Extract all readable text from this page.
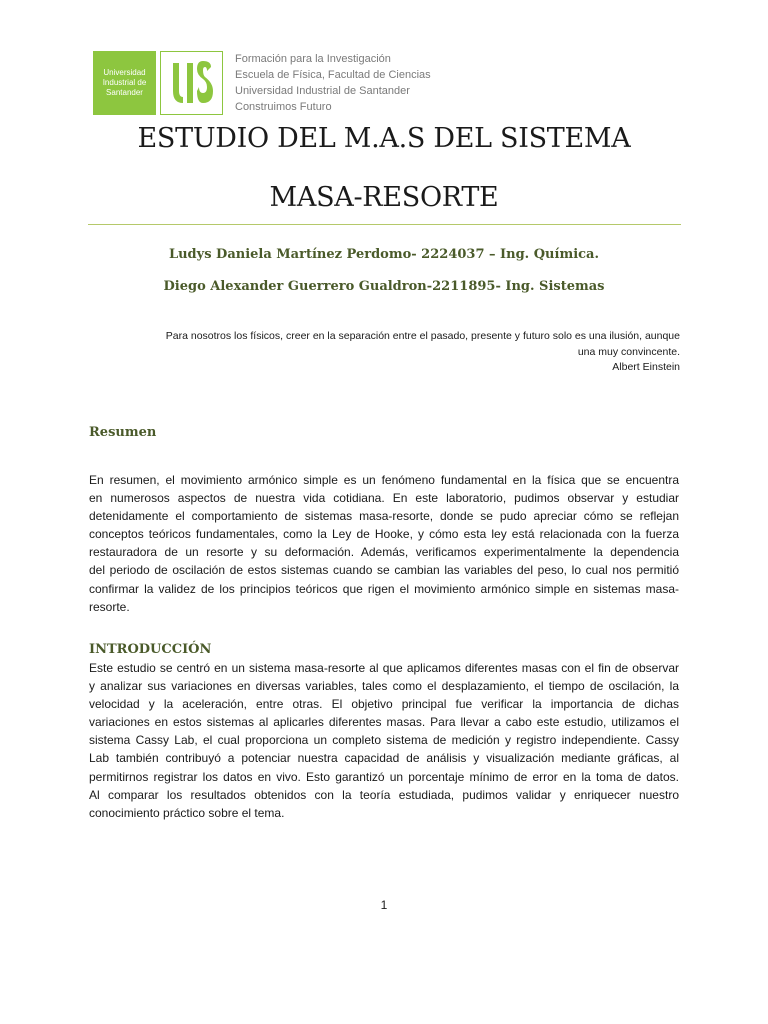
Universidad
Industrial de
Santander
Formación para la Investigación
Escuela de Física, Facultad de Ciencias
Universidad Industrial de Santander
Construimos Futuro
ESTUDIO DEL M.A.S DEL SISTEMA
MASA-RESORTE
Ludys Daniela Martínez Perdomo- 2224037 – Ing. Química.
Diego Alexander Guerrero Gualdron-2211895- Ing. Sistemas
Para nosotros los físicos, creer en la separación entre el pasado, presente y futuro solo es una ilusión, aunque
una muy convincente.
Albert Einstein
Resumen
En resumen, el movimiento armónico simple es un fenómeno fundamental en la física que se encuentra
en numerosos aspectos de nuestra vida cotidiana. En este laboratorio, pudimos observar y estudiar
detenidamente el comportamiento de sistemas masa-resorte, donde se pudo apreciar cómo se reflejan
conceptos teóricos fundamentales, como la Ley de Hooke, y cómo esta ley está relacionada con la fuerza
restauradora de un resorte y su deformación. Además, verificamos experimentalmente la dependencia
del periodo de oscilación de estos sistemas cuando se cambian las variables del peso, lo cual nos permitió
confirmar la validez de los principios teóricos que rigen el movimiento armónico simple en sistemas masa-
resorte.
INTRODUCCIÓN
Este estudio se centró en un sistema masa-resorte al que aplicamos diferentes masas con el fin de observar
y analizar sus variaciones en diversas variables, tales como el desplazamiento, el tiempo de oscilación, la
velocidad y la aceleración, entre otras. El objetivo principal fue verificar la importancia de dichas
variaciones en estos sistemas al aplicarles diferentes masas. Para llevar a cabo este estudio, utilizamos el
sistema Cassy Lab, el cual proporciona un completo sistema de medición y registro independiente. Cassy
Lab también contribuyó a potenciar nuestra capacidad de análisis y visualización mediante gráficas, al
permitirnos registrar los datos en vivo. Esto garantizó un porcentaje mínimo de error en la toma de datos.
Al comparar los resultados obtenidos con la teoría estudiada, pudimos validar y enriquecer nuestro
conocimiento práctico sobre el tema.
1
